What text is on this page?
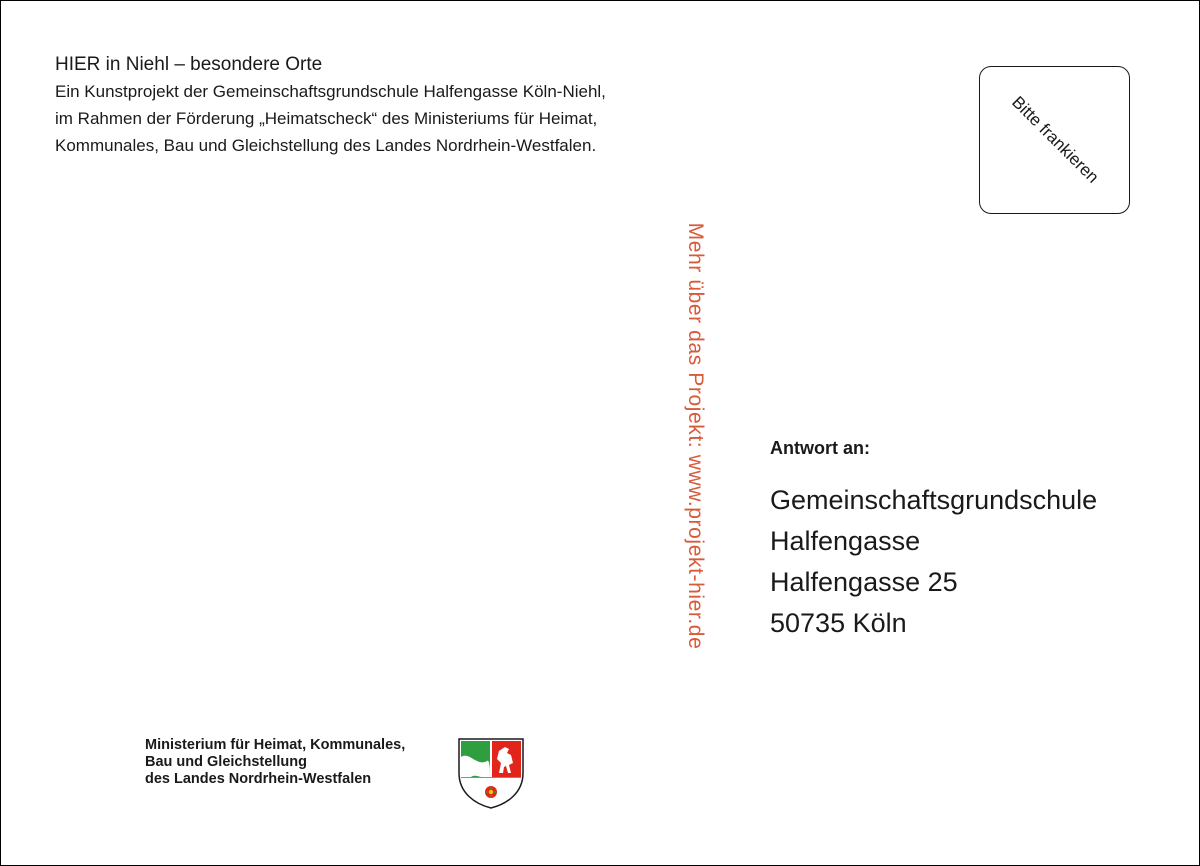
HIER in Niehl – besondere Orte

Ein Kunstprojekt der Gemeinschaftsgrundschule Halfengasse Köln-Niehl,

im Rahmen der Förderung „Heimatscheck“ des Ministeriums für Heimat,

Kommunales, Bau und Gleichstellung des Landes Nordrhein-Westfalen.	Bitte frankieren
Mehr über das Projekt: www.projekt-hier.de	Antwort an:

Gemeinschaftsgrundschule

Halfengasse

Halfengasse 25

50735 Köln

Ministerium für Heimat, Kommunales,

Bau und Gleichstellung

des Landes Nordrhein-Westfalen
